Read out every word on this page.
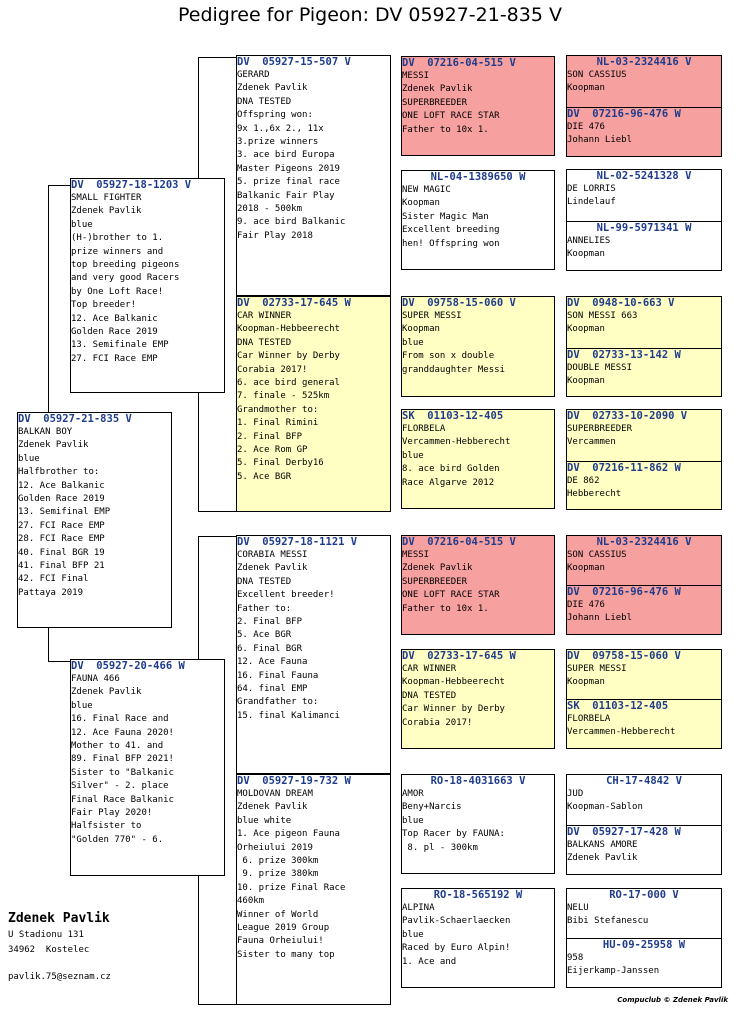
Pedigree for Pigeon: DV 05927-21-835 V
DV  05927-21-835 V
BALKAN BOY
Zdenek Pavlik
blue
Halfbrother to:
12. Ace Balkanic
Golden Race 2019
13. Semifinal EMP
27. FCI Race EMP
28. FCI Race EMP
40. Final BGR 19
41. Final BFP 21
42. FCI Final
Pattaya 2019
DV  05927-18-1203 V
SMALL FIGHTER
Zdenek Pavlik
blue
(H-)brother to 1.
prize winners and
top breeding pigeons
and very good Racers
by One Loft Race!
Top breeder!
12. Ace Balkanic
Golden Race 2019
13. Semifinale EMP
27. FCI Race EMP
DV  05927-20-466 W
FAUNA 466
Zdenek Pavlik
blue
16. Final Race and
12. Ace Fauna 2020!
Mother to 41. and
89. Final BFP 2021!
Sister to "Balkanic
Silver" - 2. place
Final Race Balkanic
Fair Play 2020!
Halfsister to
"Golden 770" - 6.
DV  05927-15-507 V
GERARD
Zdenek Pavlik
DNA TESTED
Offspring won:
9x 1.,6x 2., 11x
3.prize winners
3. ace bird Europa
Master Pigeons 2019
5. prize final race
Balkanic Fair Play
2018 - 500km
9. ace bird Balkanic
Fair Play 2018
DV  02733-17-645 W
CAR WINNER
Koopman-Hebbeerecht
DNA TESTED
Car Winner by Derby
Corabia 2017!
6. ace bird general
7. finale - 525km
Grandmother to:
1. Final Rimini
2. Final BFP
2. Ace Rom GP
5. Final Derby16
5. Ace BGR
DV  05927-18-1121 V
CORABIA MESSI
Zdenek Pavlik
DNA TESTED
Excellent breeder!
Father to:
2. Final BFP
5. Ace BGR
6. Final BGR
12. Ace Fauna
16. Final Fauna
64. final EMP
Grandfather to:
15. final Kalimanci
DV  05927-19-732 W
MOLDOVAN DREAM
Zdenek Pavlik
blue white
1. Ace pigeon Fauna
Orheiului 2019
6. prize 300km
9. prize 380km
10. prize Final Race
460km
Winner of World
League 2019 Group
Fauna Orheiului!
Sister to many top
DV  07216-04-515 V
MESSI
Zdenek Pavlik
SUPERBREEDER
ONE LOFT RACE STAR
Father to 10x 1.
NL-04-1389650 W
NEW MAGIC
Koopman
Sister Magic Man
Excellent breeding
hen! Offspring won
DV  09758-15-060 V
SUPER MESSI
Koopman
blue
From son x double
granddaughter Messi
SK  01103-12-405
FLORBELA
Vercammen-Hebberecht
blue
8. ace bird Golden
Race Algarve 2012
DV  07216-04-515 V
MESSI
Zdenek Pavlik
SUPERBREEDER
ONE LOFT RACE STAR
Father to 10x 1.
DV  02733-17-645 W
CAR WINNER
Koopman-Hebbeerecht
DNA TESTED
Car Winner by Derby
Corabia 2017!
RO-18-4031663 V
AMOR
Beny+Narcis
blue
Top Racer by FAUNA:
8. pl - 300km
RO-18-565192 W
ALPINA
Pavlik-Schaerlaecken
blue
Raced by Euro Alpin!
1. Ace and
NL-03-2324416 V
SON CASSIUS
Koopman
DV  07216-96-476 W
DIE 476
Johann Liebl
NL-02-5241328 V
DE LORRIS
Lindelauf
NL-99-5971341 W
ANNELIES
Koopman
DV  0948-10-663 V
SON MESSI 663
Koopman
DV  02733-13-142 W
DOUBLE MESSI
Koopman
DV  02733-10-2090 V
SUPERBREEDER
Vercammen
DV  07216-11-862 W
DE 862
Hebberecht
NL-03-2324416 V
SON CASSIUS
Koopman
DV  07216-96-476 W
DIE 476
Johann Liebl
DV  09758-15-060 V
SUPER MESSI
Koopman
SK  01103-12-405
FLORBELA
Vercammen-Hebberecht
CH-17-4842 V
JUD
Koopman-Sablon
DV  05927-17-428 W
BALKANS AMORE
Zdenek Pavlik
RO-17-000 V
NELU
Bibi Stefanescu
HU-09-25958 W
958
Eijerkamp-Janssen
Zdenek Pavlik
U Stadionu 131
34962  Kostelec
pavlik.75@seznam.cz
Compuclub © Zdenek Pavlik
